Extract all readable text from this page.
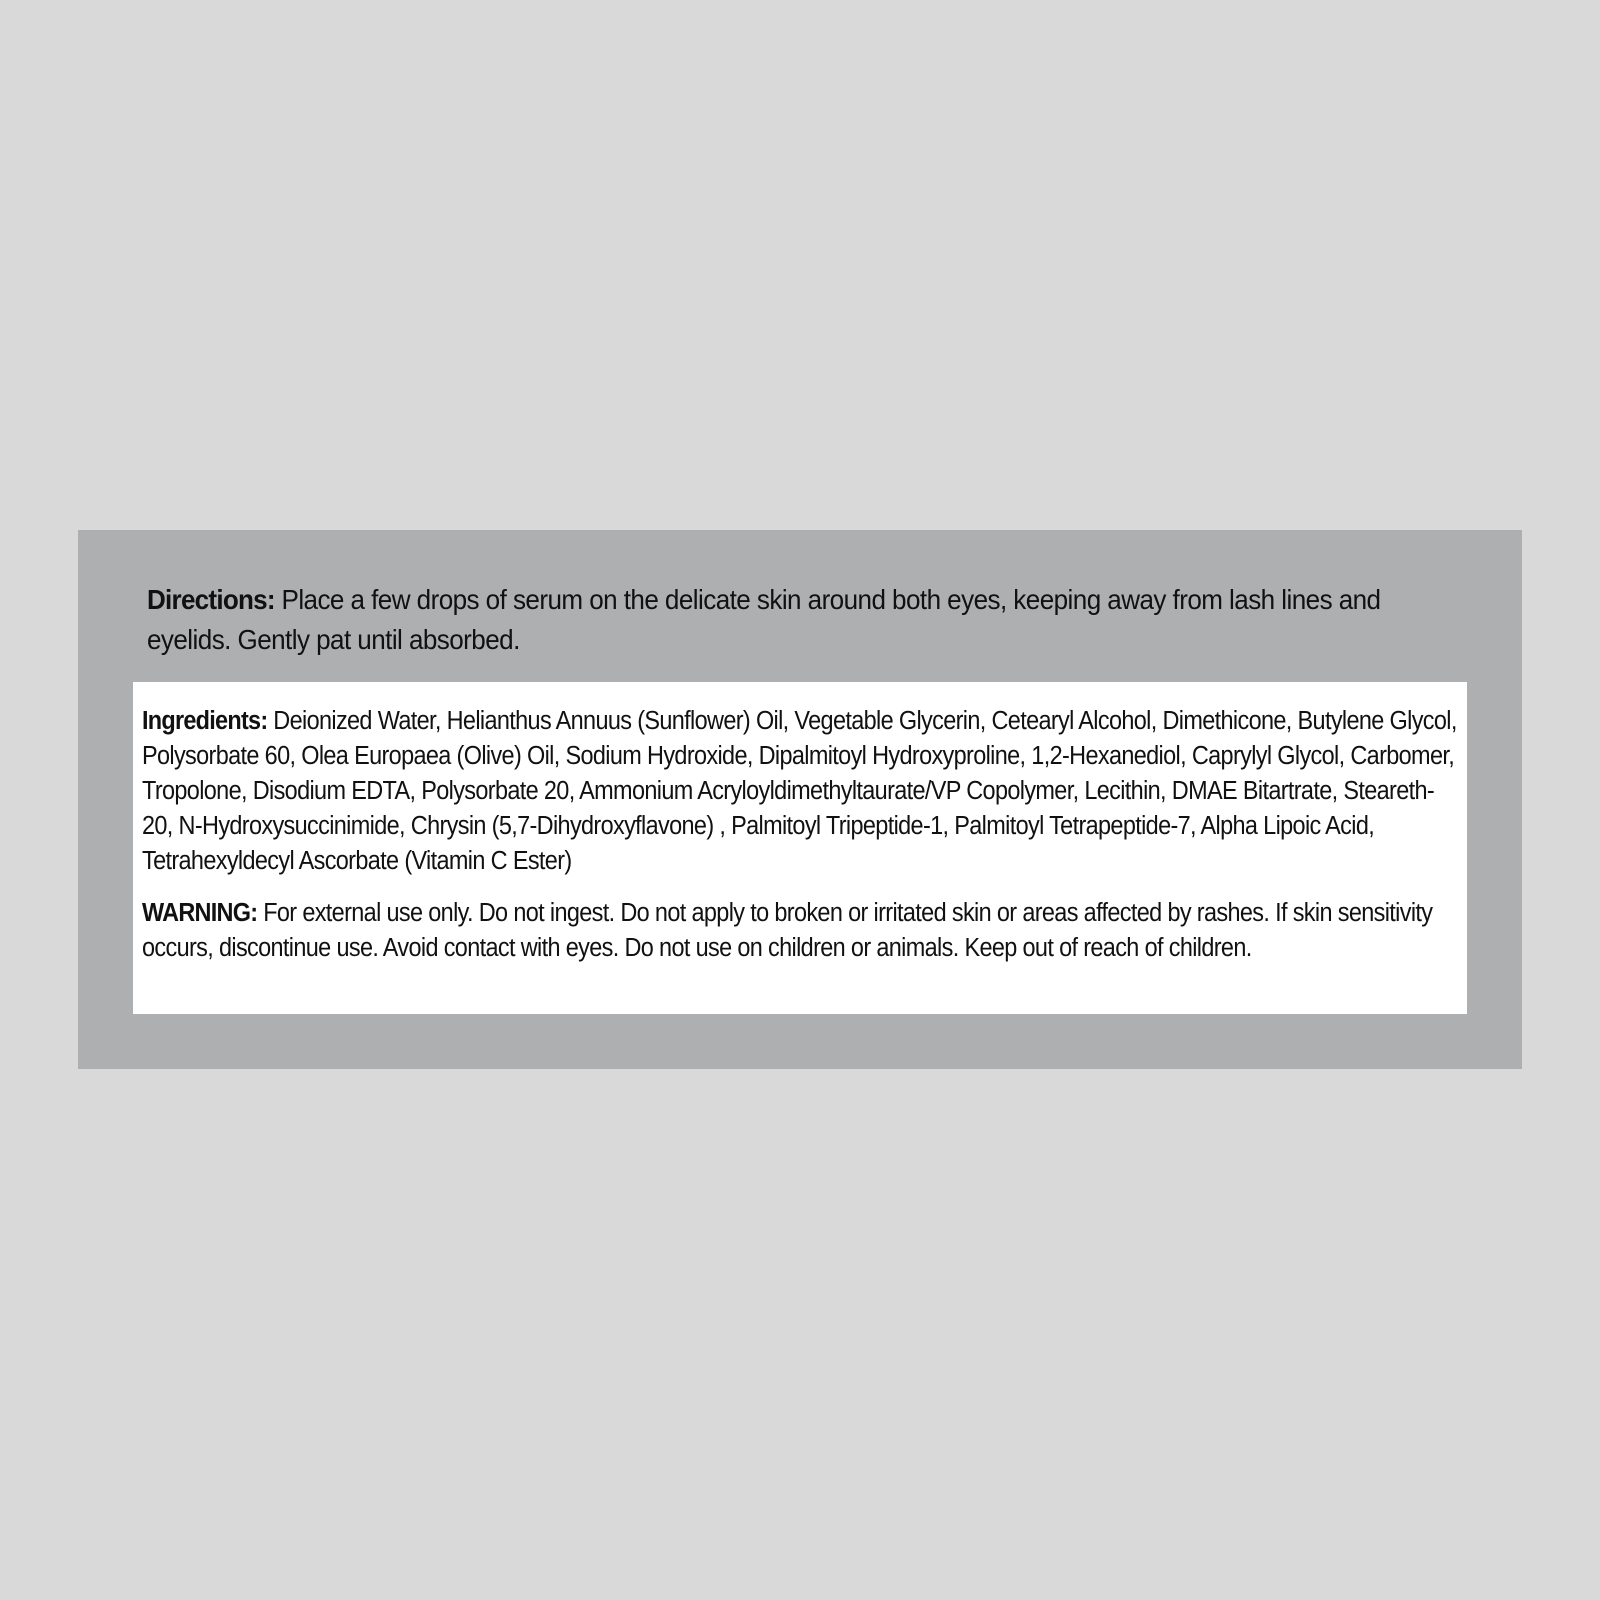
Directions: Place a few drops of serum on the delicate skin around both eyes, keeping away from lash lines and eyelids. Gently pat until absorbed.

Ingredients: Deionized Water, Helianthus Annuus (Sunflower) Oil, Vegetable Glycerin, Cetearyl Alcohol, Dimethicone, Butylene Glycol, Polysorbate 60, Olea Europaea (Olive) Oil, Sodium Hydroxide, Dipalmitoyl Hydroxyproline, 1,2-Hexanediol, Caprylyl Glycol, Carbomer, Tropolone, Disodium EDTA, Polysorbate 20, Ammonium Acryloyldimethyltaurate/VP Copolymer, Lecithin, DMAE Bitartrate, Steareth-20, N-Hydroxysuccinimide, Chrysin (5,7-Dihydroxyflavone) , Palmitoyl Tripeptide-1, Palmitoyl Tetrapeptide-7, Alpha Lipoic Acid, Tetrahexyldecyl Ascorbate (Vitamin C Ester)

WARNING: For external use only. Do not ingest. Do not apply to broken or irritated skin or areas affected by rashes. If skin sensitivity occurs, discontinue use. Avoid contact with eyes. Do not use on children or animals. Keep out of reach of children.
